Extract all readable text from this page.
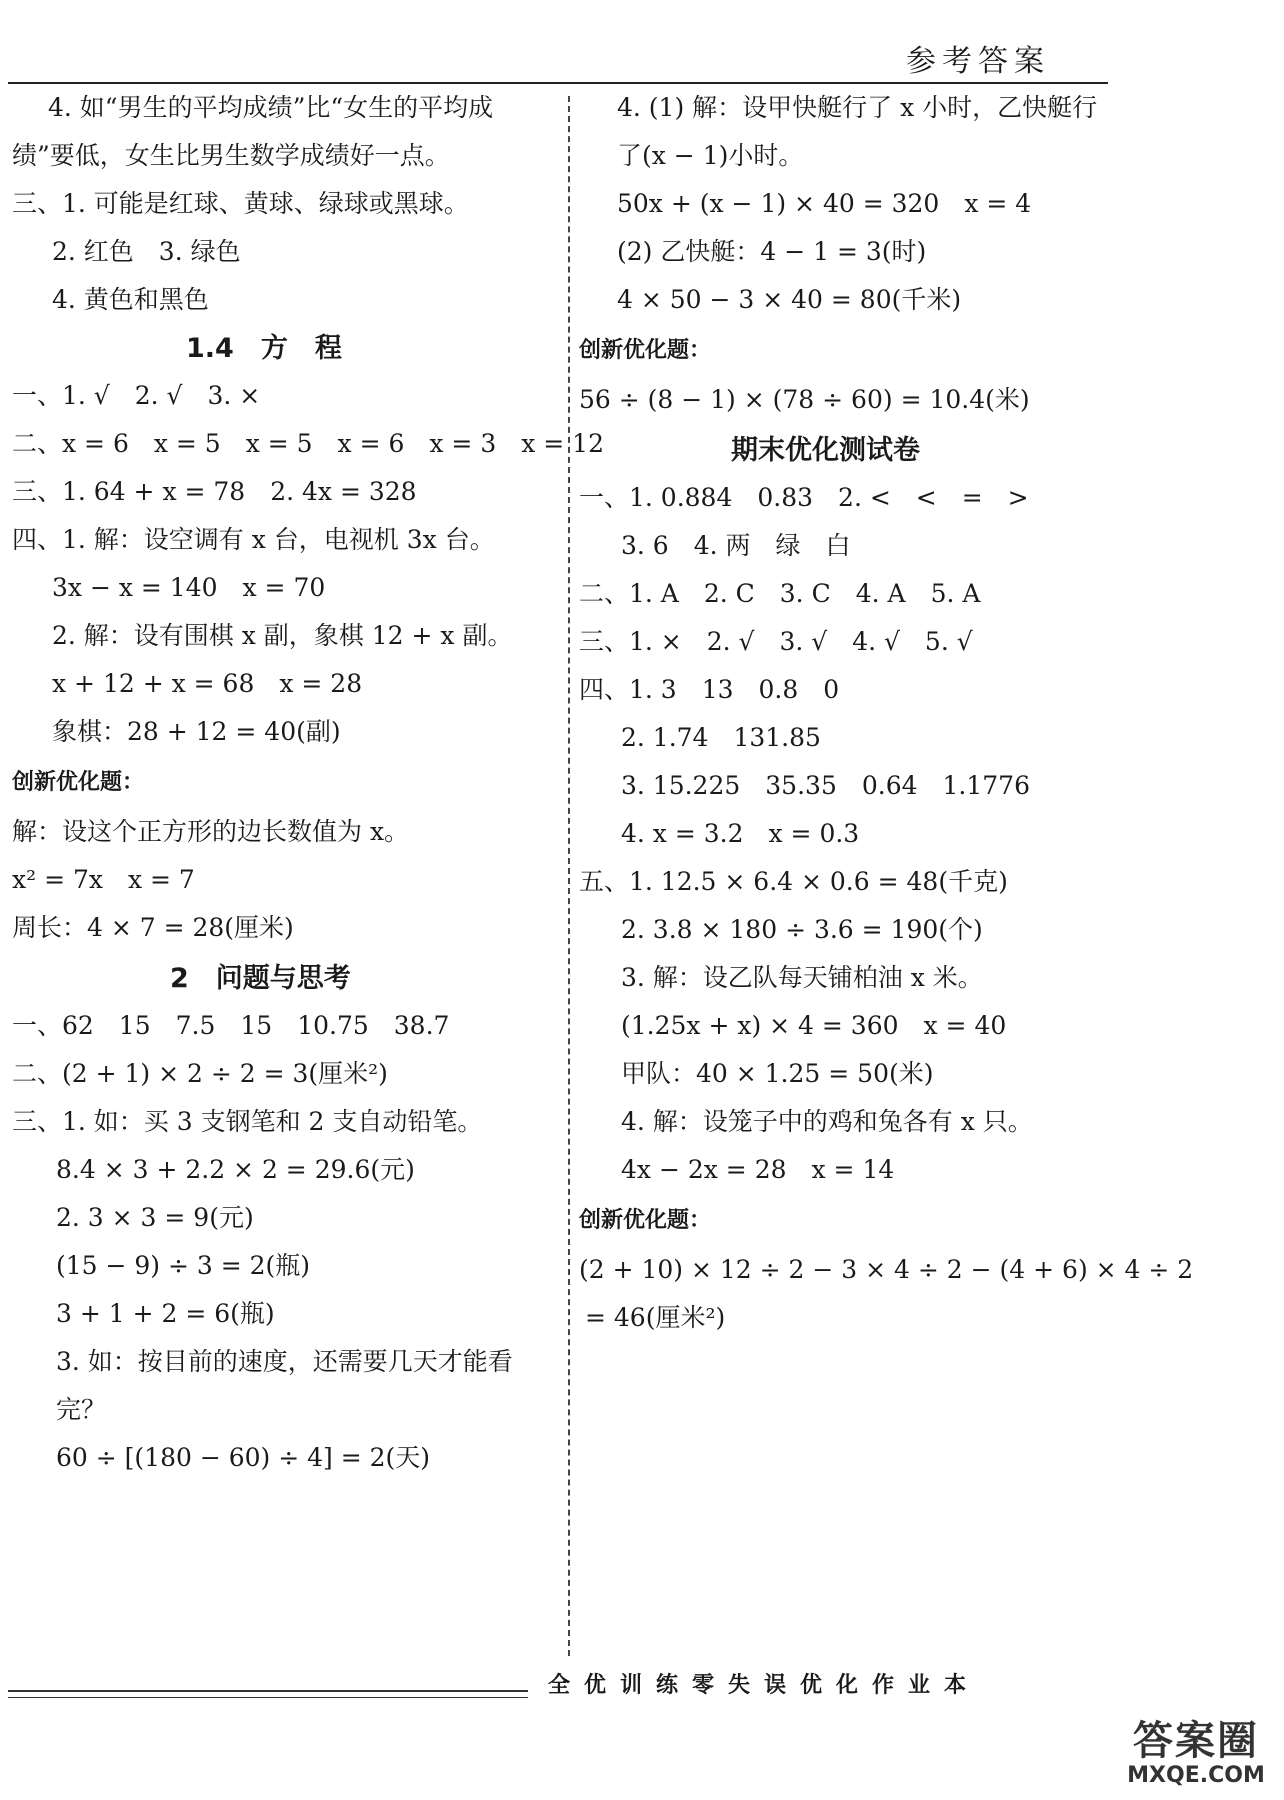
参考答案
4. 如“男生的平均成绩”比“女生的平均成
绩”要低，女生比男生数学成绩好一点。
三、1. 可能是红球、黄球、绿球或黑球。
2. 红色　3. 绿色
4. 黄色和黑色
1.4　方　程
一、1. √　2. √　3. ×
二、x = 6　x = 5　x = 5　x = 6　x = 3　x = 12
三、1. 64 + x = 78　2. 4x = 328
四、1. 解：设空调有 x 台，电视机 3x 台。
3x − x = 140　x = 70
2. 解：设有围棋 x 副，象棋 12 + x 副。
x + 12 + x = 68　x = 28
象棋：28 + 12 = 40(副)
创新优化题：
解：设这个正方形的边长数值为 x。
x² = 7x　x = 7
周长：4 × 7 = 28(厘米)
2　问题与思考
一、62　15　7.5　15　10.75　38.7
二、(2 + 1) × 2 ÷ 2 = 3(厘米²)
三、1. 如：买 3 支钢笔和 2 支自动铅笔。
8.4 × 3 + 2.2 × 2 = 29.6(元)
2. 3 × 3 = 9(元)
(15 − 9) ÷ 3 = 2(瓶)
3 + 1 + 2 = 6(瓶)
3. 如：按目前的速度，还需要几天才能看
完？
60 ÷ [(180 − 60) ÷ 4] = 2(天)
4. (1) 解：设甲快艇行了 x 小时，乙快艇行
了(x − 1)小时。
50x + (x − 1) × 40 = 320　x = 4
(2) 乙快艇：4 − 1 = 3(时)
4 × 50 − 3 × 40 = 80(千米)
创新优化题：
56 ÷ (8 − 1) × (78 ÷ 60) = 10.4(米)
期末优化测试卷
一、1. 0.884　0.83　2. <　<　=　>
3. 6　4. 两　绿　白
二、1. A　2. C　3. C　4. A　5. A
三、1. ×　2. √　3. √　4. √　5. √
四、1. 3　13　0.8　0
2. 1.74　131.85
3. 15.225　35.35　0.64　1.1776
4. x = 3.2　x = 0.3
五、1. 12.5 × 6.4 × 0.6 = 48(千克)
2. 3.8 × 180 ÷ 3.6 = 190(个)
3. 解：设乙队每天铺柏油 x 米。
(1.25x + x) × 4 = 360　x = 40
甲队：40 × 1.25 = 50(米)
4. 解：设笼子中的鸡和兔各有 x 只。
4x − 2x = 28　x = 14
创新优化题：
(2 + 10) × 12 ÷ 2 − 3 × 4 ÷ 2 − (4 + 6) × 4 ÷ 2
= 46(厘米²)
全优训练零失误优化作业本
答案圈
MXQE.COM
